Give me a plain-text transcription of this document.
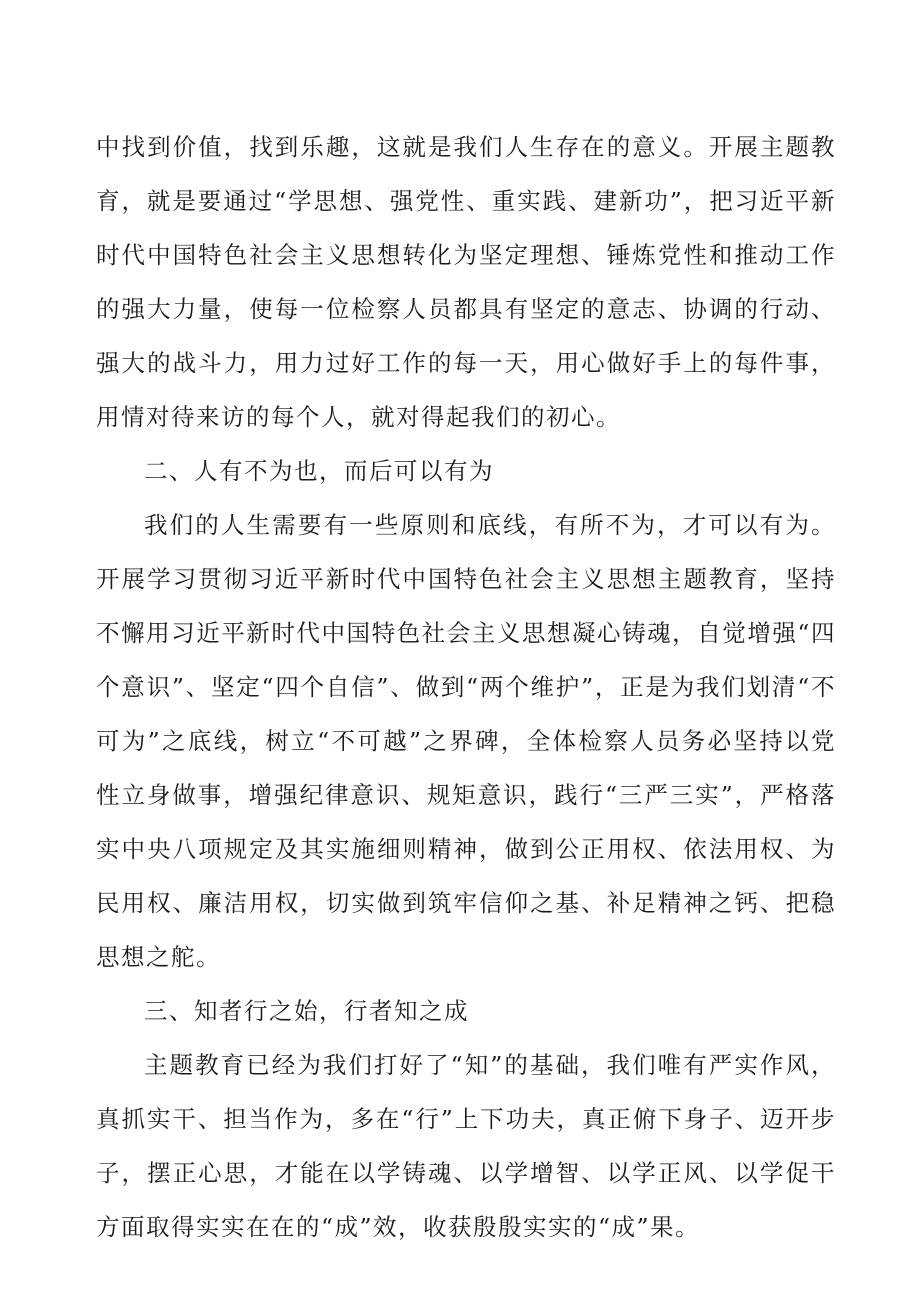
中找到价值，找到乐趣，这就是我们人生存在的意义。开展主题教育，就是要通过“学思想、强党性、重实践、建新功”，把习近平新时代中国特色社会主义思想转化为坚定理想、锤炼党性和推动工作的强大力量，使每一位检察人员都具有坚定的意志、协调的行动、强大的战斗力，用力过好工作的每一天，用心做好手上的每件事，用情对待来访的每个人，就对得起我们的初心。

二、人有不为也，而后可以有为

我们的人生需要有一些原则和底线，有所不为，才可以有为。开展学习贯彻习近平新时代中国特色社会主义思想主题教育，坚持不懈用习近平新时代中国特色社会主义思想凝心铸魂，自觉增强“四个意识”、坚定“四个自信”、做到“两个维护”，正是为我们划清“不可为”之底线，树立“不可越”之界碑，全体检察人员务必坚持以党性立身做事，增强纪律意识、规矩意识，践行“三严三实”，严格落实中央八项规定及其实施细则精神，做到公正用权、依法用权、为民用权、廉洁用权，切实做到筑牢信仰之基、补足精神之钙、把稳思想之舵。

三、知者行之始，行者知之成

主题教育已经为我们打好了“知”的基础，我们唯有严实作风，真抓实干、担当作为，多在“行”上下功夫，真正俯下身子、迈开步子，摆正心思，才能在以学铸魂、以学增智、以学正风、以学促干方面取得实实在在的“成”效，收获殷殷实实的“成”果。
